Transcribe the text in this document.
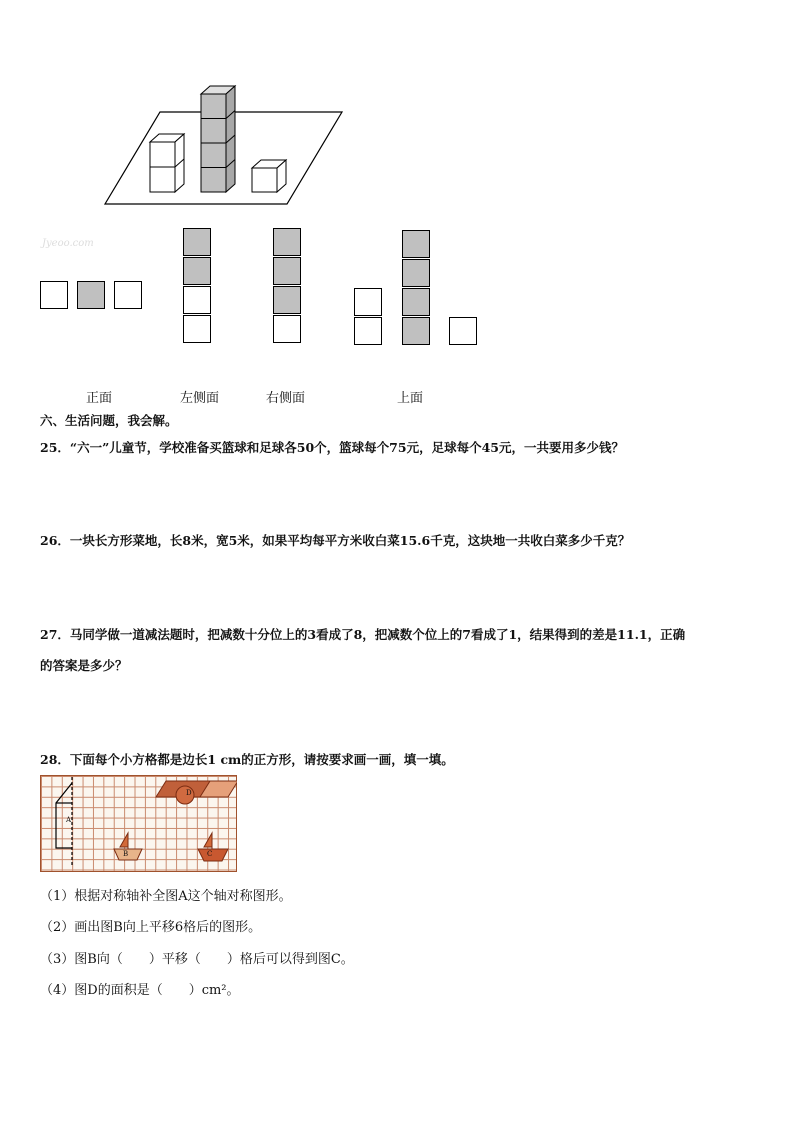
Jyeoo.com
正面	左侧面	右侧面	上面
六、生活问题，我会解。
25．“六一”儿童节，学校准备买篮球和足球各50个，篮球每个75元，足球每个45元，一共要用多少钱？
26．一块长方形菜地，长8米，宽5米，如果平均每平方米收白菜15.6千克，这块地一共收白菜多少千克？
27．马同学做一道减法题时，把减数十分位上的3看成了8，把减数个位上的7看成了1，结果得到的差是11.1，正确
的答案是多少？
28．下面每个小方格都是边长1 cm的正方形，请按要求画一画，填一填。
A
B	C
D
（1）根据对称轴补全图A这个轴对称图形。
（2）画出图B向上平移6格后的图形。
（3）图B向（　　）平移（　　）格后可以得到图C。
（4）图D的面积是（　　）cm²。
